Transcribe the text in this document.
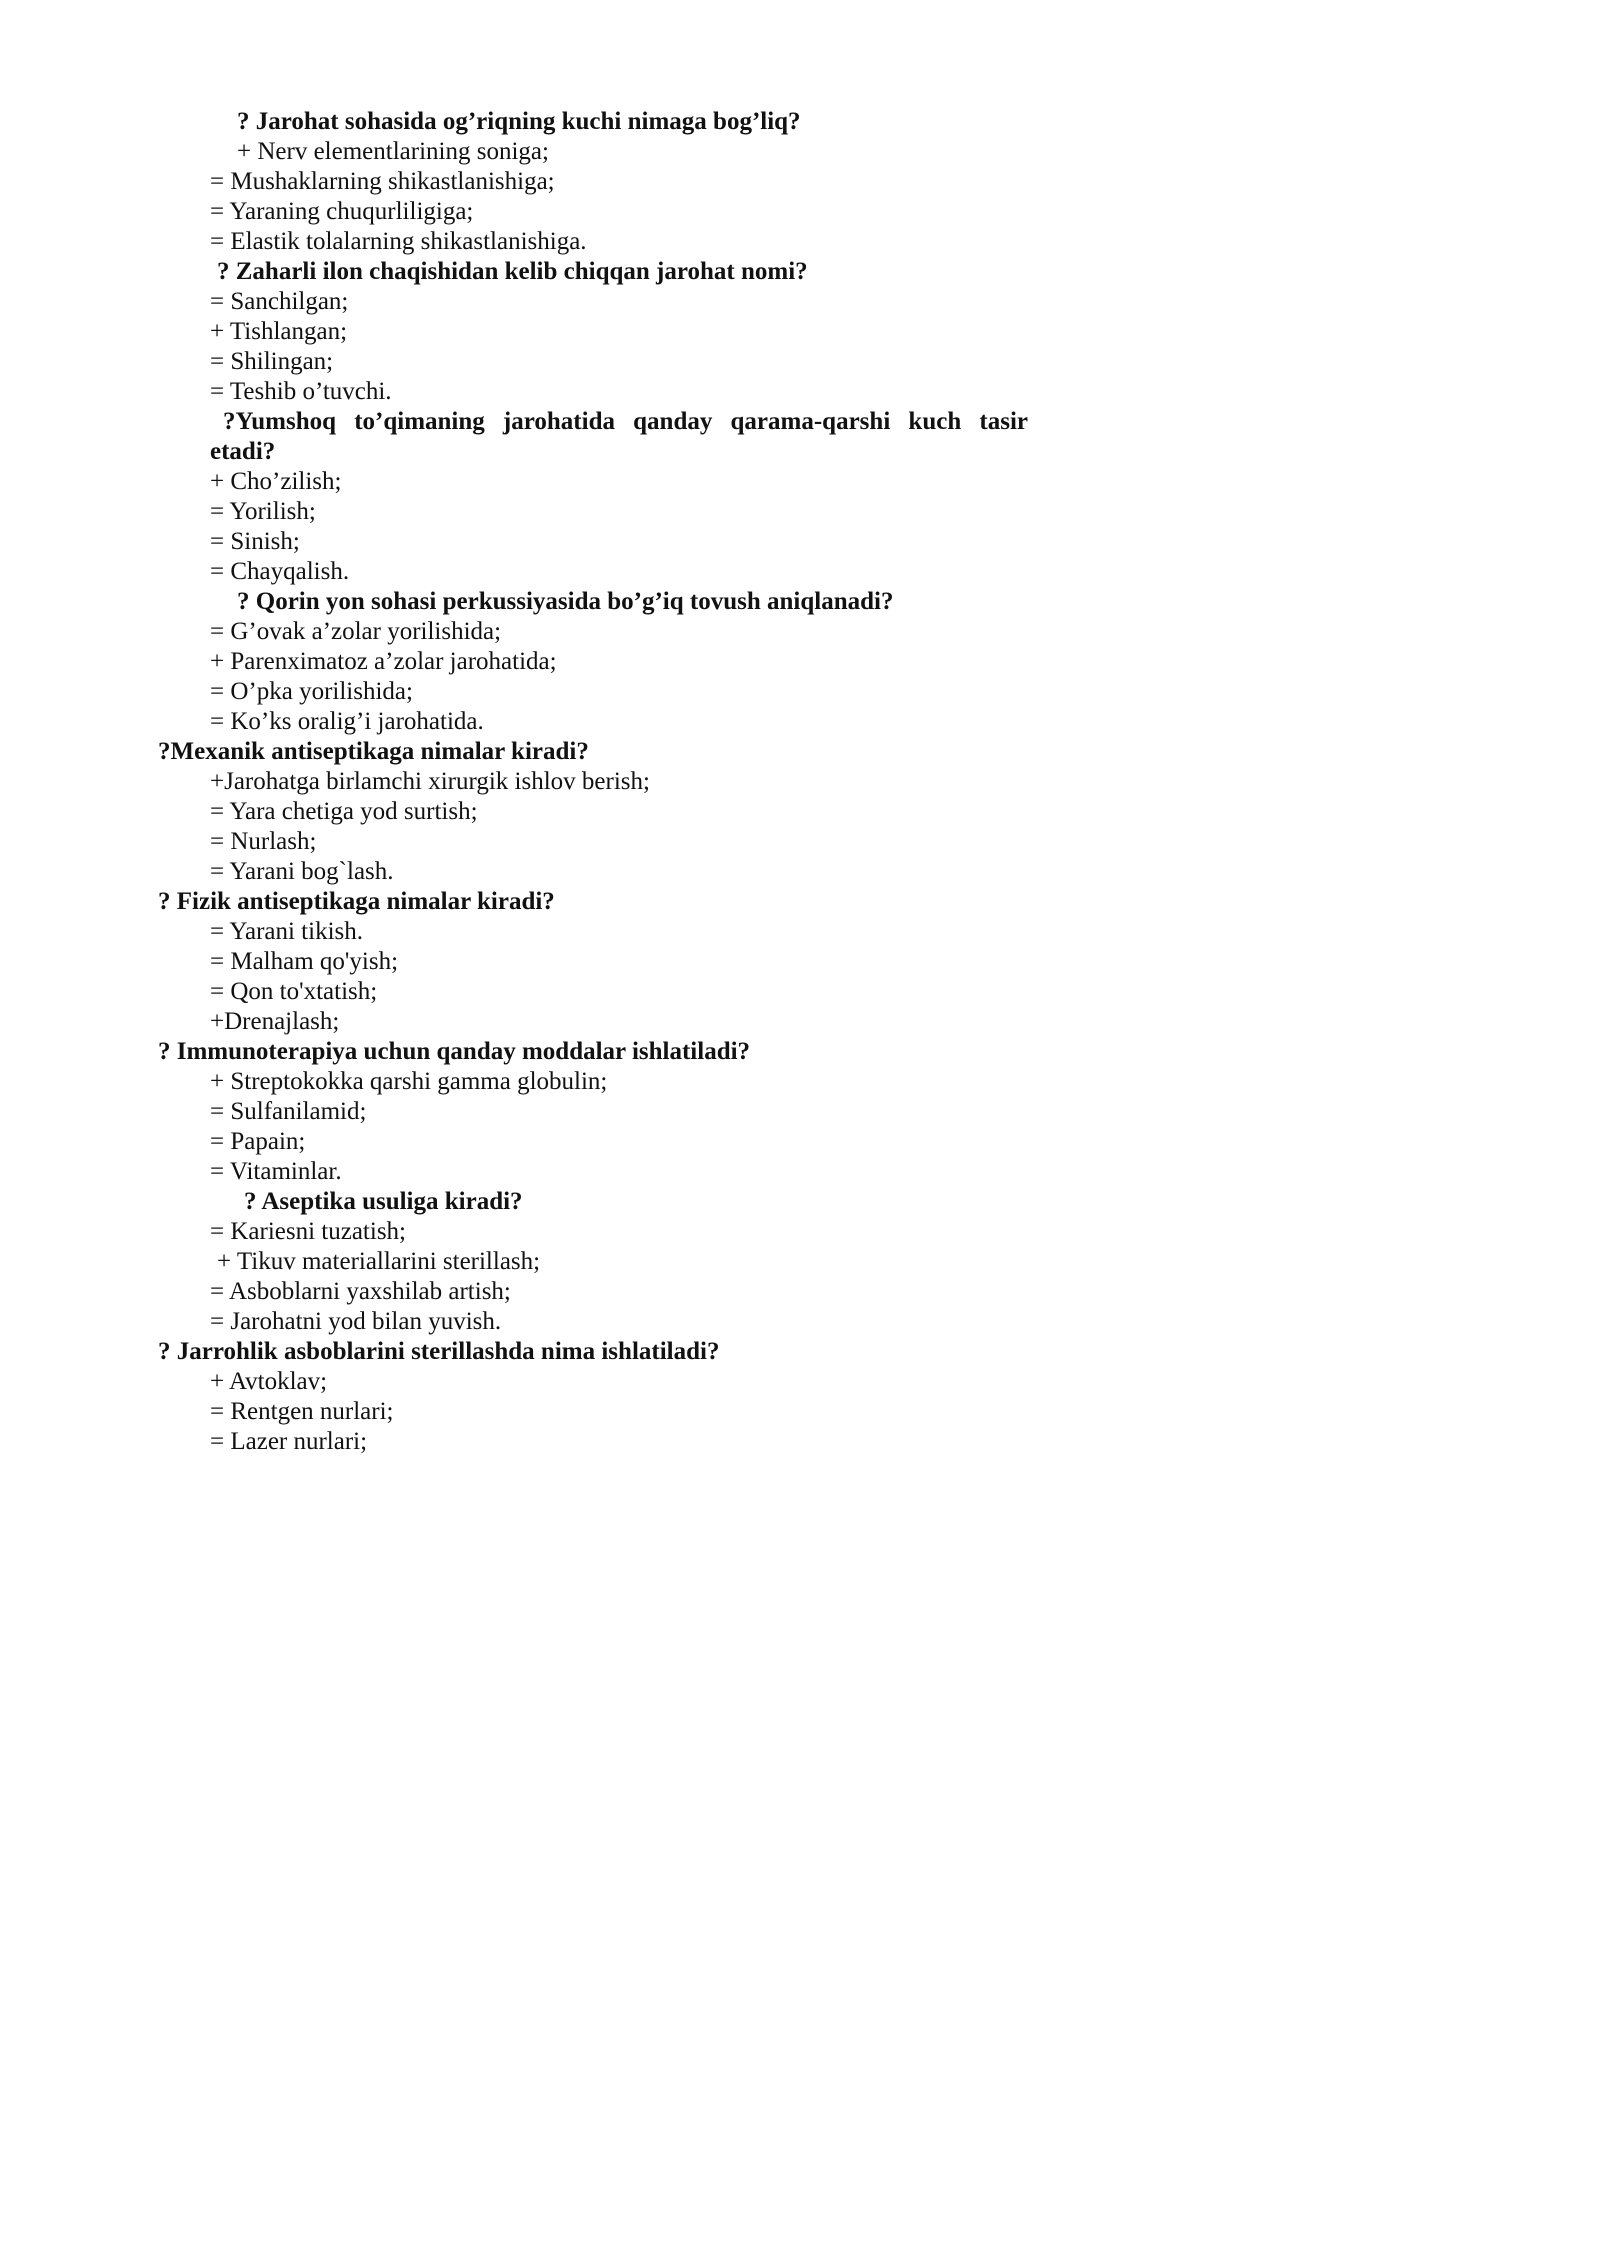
? Jarohat sohasida og’riqning kuchi nimaga bog’liq?
+ Nerv elementlarining soniga;
= Mushaklarning shikastlanishiga;
= Yaraning chuqurliligiga;
= Elastik tolalarning shikastlanishiga.
? Zaharli ilon chaqishidan kelib chiqqan jarohat nomi?
= Sanchilgan;
+ Tishlangan;
= Shilingan;
= Teshib o’tuvchi.
?Yumshoq to’qimaning jarohatida qanday qarama-qarshi kuch tasir
etadi?
+ Cho’zilish;
= Yorilish;
= Sinish;
= Chayqalish.
? Qorin yon sohasi perkussiyasida bo’g’iq tovush aniqlanadi?
= G’ovak a’zolar yorilishida;
+ Parenximatoz a’zolar jarohatida;
= O’pka yorilishida;
= Ko’ks oralig’i jarohatida.
?Mexanik antiseptikaga nimalar kiradi?
+Jarohatga birlamchi xirurgik ishlov berish;
= Yara chetiga yod surtish;
= Nurlash;
= Yarani bog`lash.
? Fizik antiseptikaga nimalar kiradi?
= Yarani tikish.
= Malham qo'yish;
= Qon to'xtatish;
+Drenajlash;
? Immunoterapiya uchun qanday moddalar ishlatiladi?
+ Streptokokka qarshi gamma globulin;
= Sulfanilamid;
= Papain;
= Vitaminlar.
? Aseptika usuliga kiradi?
= Kariesni tuzatish;
+ Tikuv materiallarini sterillash;
= Asboblarni yaxshilab artish;
= Jarohatni yod bilan yuvish.
? Jarrohlik asboblarini sterillashda nima ishlatiladi?
+ Avtoklav;
= Rentgen nurlari;
= Lazer nurlari;
